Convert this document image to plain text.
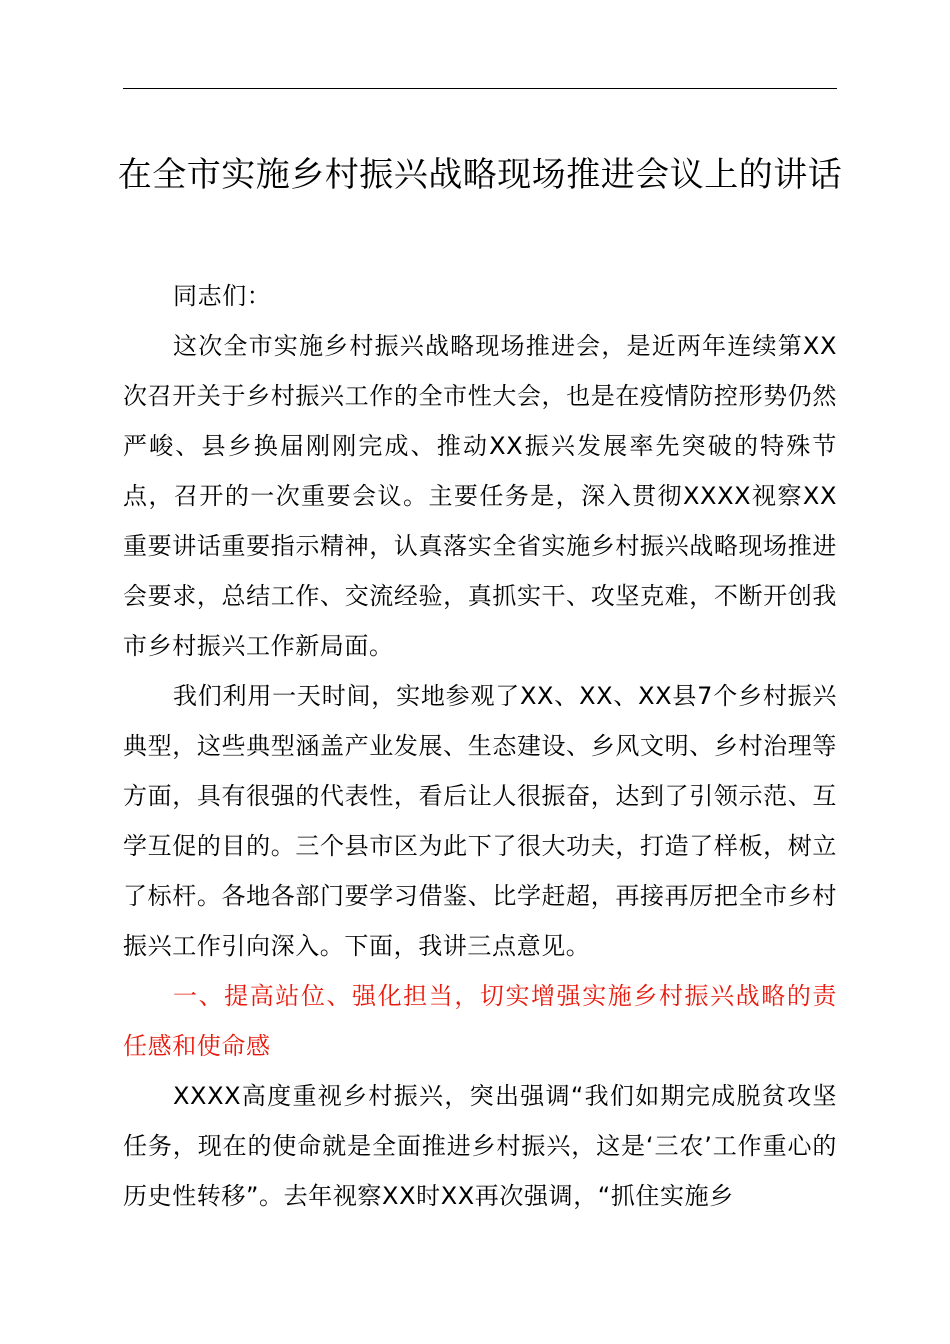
在全市实施乡村振兴战略现场推进会议上的讲话

同志们：

这次全市实施乡村振兴战略现场推进会，是近两年连续第XX次召开关于乡村振兴工作的全市性大会，也是在疫情防控形势仍然严峻、县乡换届刚刚完成、推动XX振兴发展率先突破的特殊节点，召开的一次重要会议。主要任务是，深入贯彻XXXX视察XX重要讲话重要指示精神，认真落实全省实施乡村振兴战略现场推进会要求，总结工作、交流经验，真抓实干、攻坚克难，不断开创我市乡村振兴工作新局面。

我们利用一天时间，实地参观了XX、XX、XX县7个乡村振兴典型，这些典型涵盖产业发展、生态建设、乡风文明、乡村治理等方面，具有很强的代表性，看后让人很振奋，达到了引领示范、互学互促的目的。三个县市区为此下了很大功夫，打造了样板，树立了标杆。各地各部门要学习借鉴、比学赶超，再接再厉把全市乡村振兴工作引向深入。下面，我讲三点意见。

一、提高站位、强化担当，切实增强实施乡村振兴战略的责任感和使命感

XXXX高度重视乡村振兴，突出强调“我们如期完成脱贫攻坚任务，现在的使命就是全面推进乡村振兴，这是‘三农’工作重心的历史性转移”。去年视察XX时XX再次强调，“抓住实施乡
